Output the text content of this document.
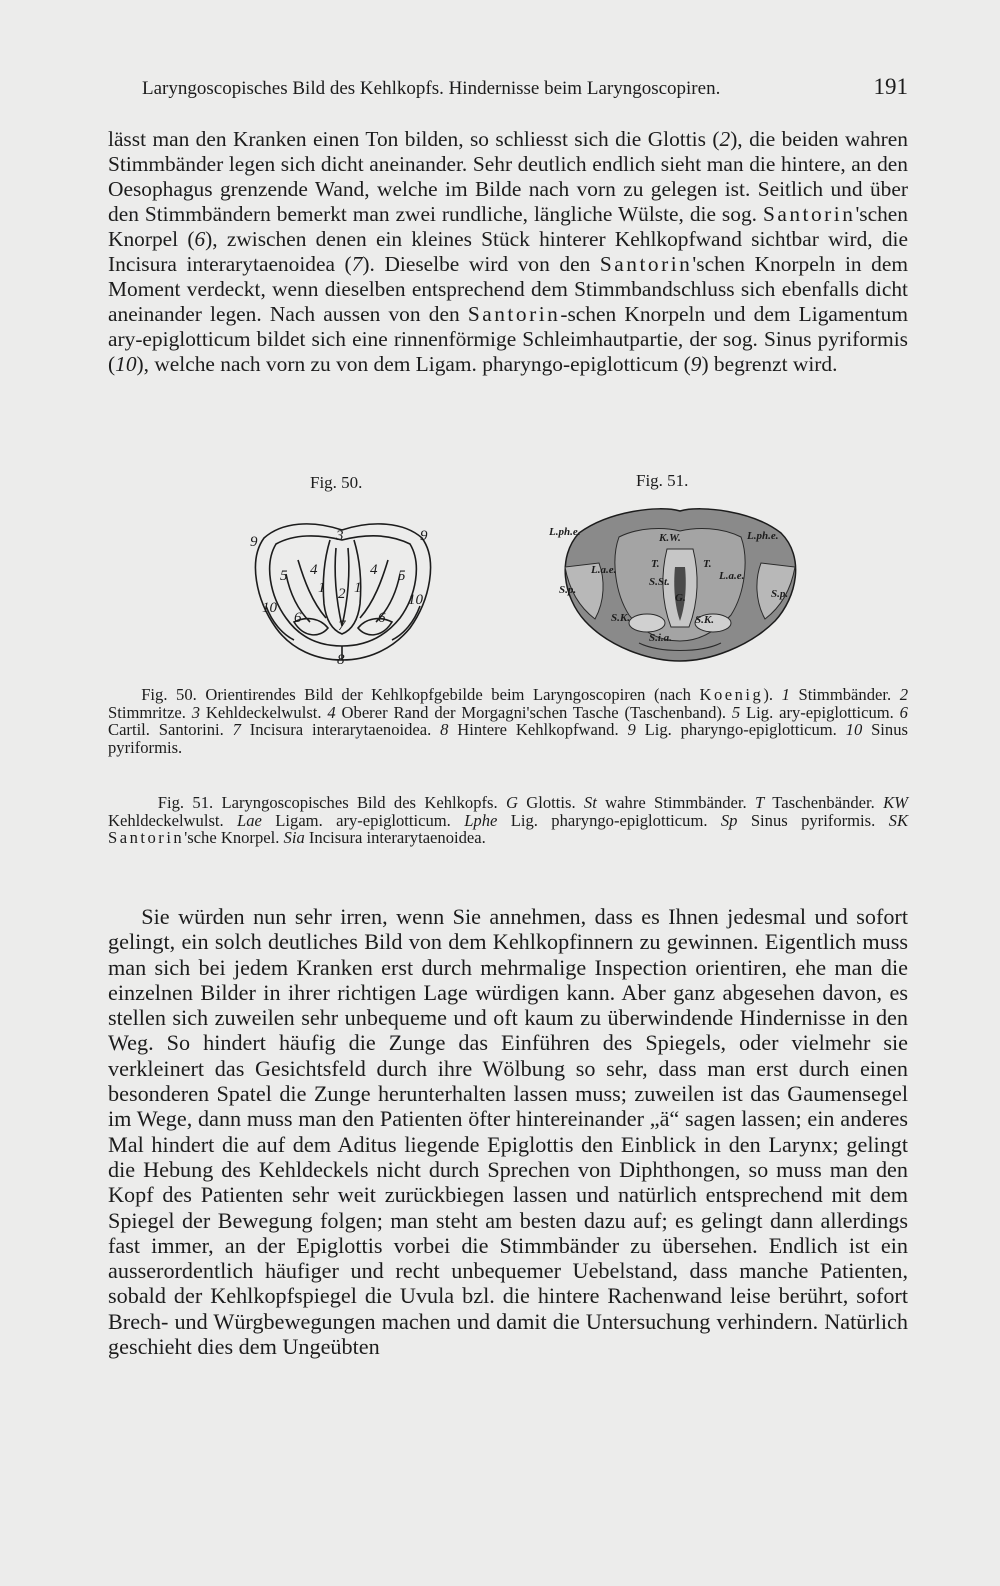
Laryngoscopisches Bild des Kehlkopfs. Hindernisse beim Laryngoscopiren.	191

lässt man den Kranken einen Ton bilden, so schliesst sich die Glottis (2), die beiden wahren Stimmbänder legen sich dicht aneinander. Sehr deutlich endlich sieht man die hintere, an den Oesophagus grenzende Wand, welche im Bilde nach vorn zu gelegen ist. Seitlich und über den Stimmbändern bemerkt man zwei rundliche, längliche Wülste, die sog. Santorin'schen Knorpel (6), zwischen denen ein kleines Stück hinterer Kehlkopfwand sichtbar wird, die Incisura interarytaenoidea (7). Dieselbe wird von den Santorin'schen Knorpeln in dem Moment verdeckt, wenn dieselben entsprechend dem Stimmbandschluss sich ebenfalls dicht aneinander legen. Nach aussen von den Santorin-schen Knorpeln und dem Ligamentum ary-epiglotticum bildet sich eine rinnenförmige Schleimhautpartie, der sog. Sinus pyriformis (10), welche nach vorn zu von dem Ligam. pharyngo-epiglotticum (9) begrenzt wird.

Fig. 50.	Fig. 51.
9	3	9
5 4
1 2 1
4 5
10
6 7 6
10
8
L.ph.e.	K.W.	L.ph.e.
L.a.e.	T.	T.
L.a.e.
S.p.
S.St.
S.p.
G.
S.K.	S.K.
S.i.a.

  Fig. 50. Orientirendes Bild der Kehlkopfgebilde beim Laryngoscopiren (nach Koenig). 1 Stimmbänder. 2 Stimmritze. 3 Kehldeckelwulst. 4 Oberer Rand der Morgagni'schen Tasche (Taschenband). 5 Lig. ary-epiglotticum. 6 Cartil. Santorini. 7 Incisura interarytaenoidea. 8 Hintere Kehlkopfwand. 9 Lig. pharyngo-epiglotticum. 10 Sinus pyriformis.

   Fig. 51. Laryngoscopisches Bild des Kehlkopfs. G Glottis. St wahre Stimmbänder. T Taschenbänder. KW Kehldeckelwulst. Lae Ligam. ary-epiglotticum. Lphe Lig. pharyngo-epiglotticum. Sp Sinus pyriformis. SK Santorin'sche Knorpel. Sia Incisura interarytaenoidea.

  Sie würden nun sehr irren, wenn Sie annehmen, dass es Ihnen jedesmal und sofort gelingt, ein solch deutliches Bild von dem Kehlkopfinnern zu gewinnen. Eigentlich muss man sich bei jedem Kranken erst durch mehrmalige Inspection orientiren, ehe man die einzelnen Bilder in ihrer richtigen Lage würdigen kann. Aber ganz abgesehen davon, es stellen sich zuweilen sehr unbequeme und oft kaum zu überwindende Hindernisse in den Weg. So hindert häufig die Zunge das Einführen des Spiegels, oder vielmehr sie verkleinert das Gesichtsfeld durch ihre Wölbung so sehr, dass man erst durch einen besonderen Spatel die Zunge herunterhalten lassen muss; zuweilen ist das Gaumensegel im Wege, dann muss man den Patienten öfter hintereinander „ä“ sagen lassen; ein anderes Mal hindert die auf dem Aditus liegende Epiglottis den Einblick in den Larynx; gelingt die Hebung des Kehldeckels nicht durch Sprechen von Diphthongen, so muss man den Kopf des Patienten sehr weit zurückbiegen lassen und natürlich entsprechend mit dem Spiegel der Bewegung folgen; man steht am besten dazu auf; es gelingt dann allerdings fast immer, an der Epiglottis vorbei die Stimmbänder zu übersehen. Endlich ist ein ausserordentlich häufiger und recht unbequemer Uebelstand, dass manche Patienten, sobald der Kehlkopfspiegel die Uvula bzl. die hintere Rachenwand leise berührt, sofort Brech- und Würgbewegungen machen und damit die Untersuchung verhindern. Natürlich geschieht dies dem Ungeübten
